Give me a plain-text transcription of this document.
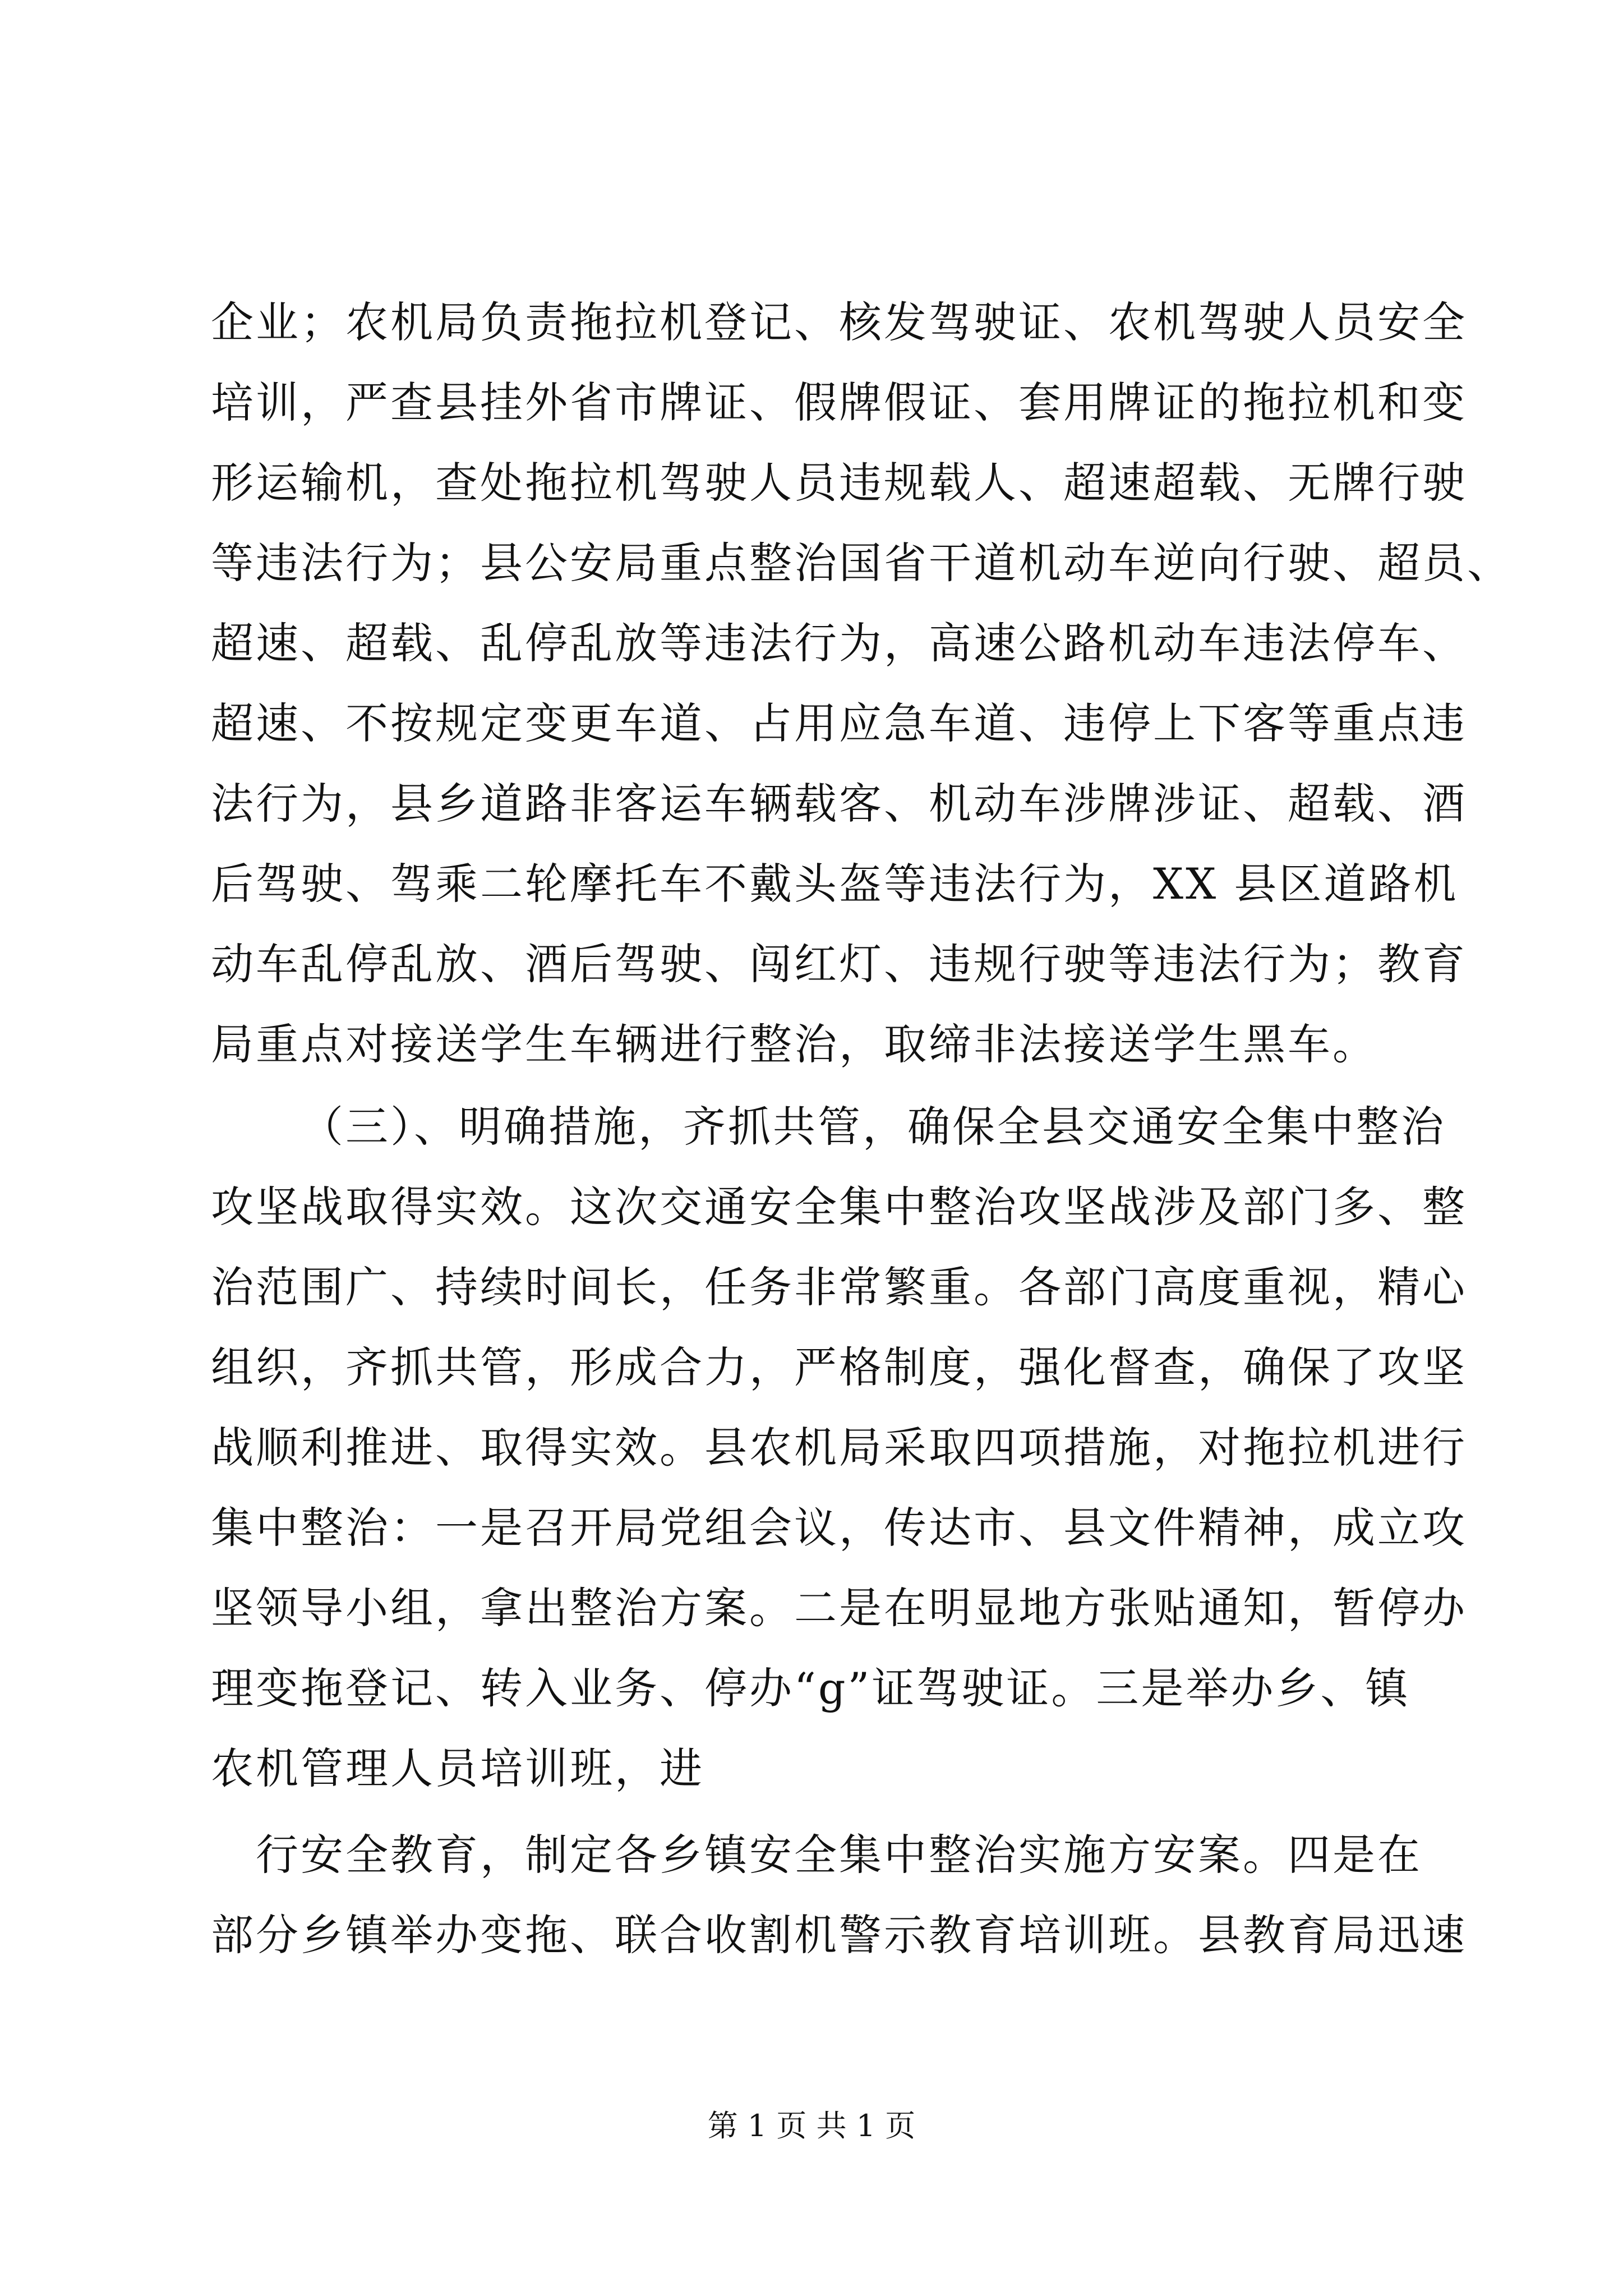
企业；农机局负责拖拉机登记、核发驾驶证、农机驾驶人员安全
培训，严查县挂外省市牌证、假牌假证、套用牌证的拖拉机和变
形运输机，查处拖拉机驾驶人员违规载人、超速超载、无牌行驶
等违法行为；县公安局重点整治国省干道机动车逆向行驶、超员、
超速、超载、乱停乱放等违法行为，高速公路机动车违法停车、
超速、不按规定变更车道、占用应急车道、违停上下客等重点违
法行为，县乡道路非客运车辆载客、机动车涉牌涉证、超载、酒
后驾驶、驾乘二轮摩托车不戴头盔等违法行为，XX 县区道路机
动车乱停乱放、酒后驾驶、闯红灯、违规行驶等违法行为；教育
局重点对接送学生车辆进行整治，取缔非法接送学生黑车。
（三）、明确措施，齐抓共管，确保全县交通安全集中整治
攻坚战取得实效。这次交通安全集中整治攻坚战涉及部门多、整
治范围广、持续时间长，任务非常繁重。各部门高度重视，精心
组织，齐抓共管，形成合力，严格制度，强化督查，确保了攻坚
战顺利推进、取得实效。县农机局采取四项措施，对拖拉机进行
集中整治：一是召开局党组会议，传达市、县文件精神，成立攻
坚领导小组，拿出整治方案。二是在明显地方张贴通知，暂停办
理变拖登记、转入业务、停办“g”证驾驶证。三是举办乡、镇
农机管理人员培训班，进
行安全教育，制定各乡镇安全集中整治实施方安案。四是在
部分乡镇举办变拖、联合收割机警示教育培训班。县教育局迅速
第 1 页 共 1 页
